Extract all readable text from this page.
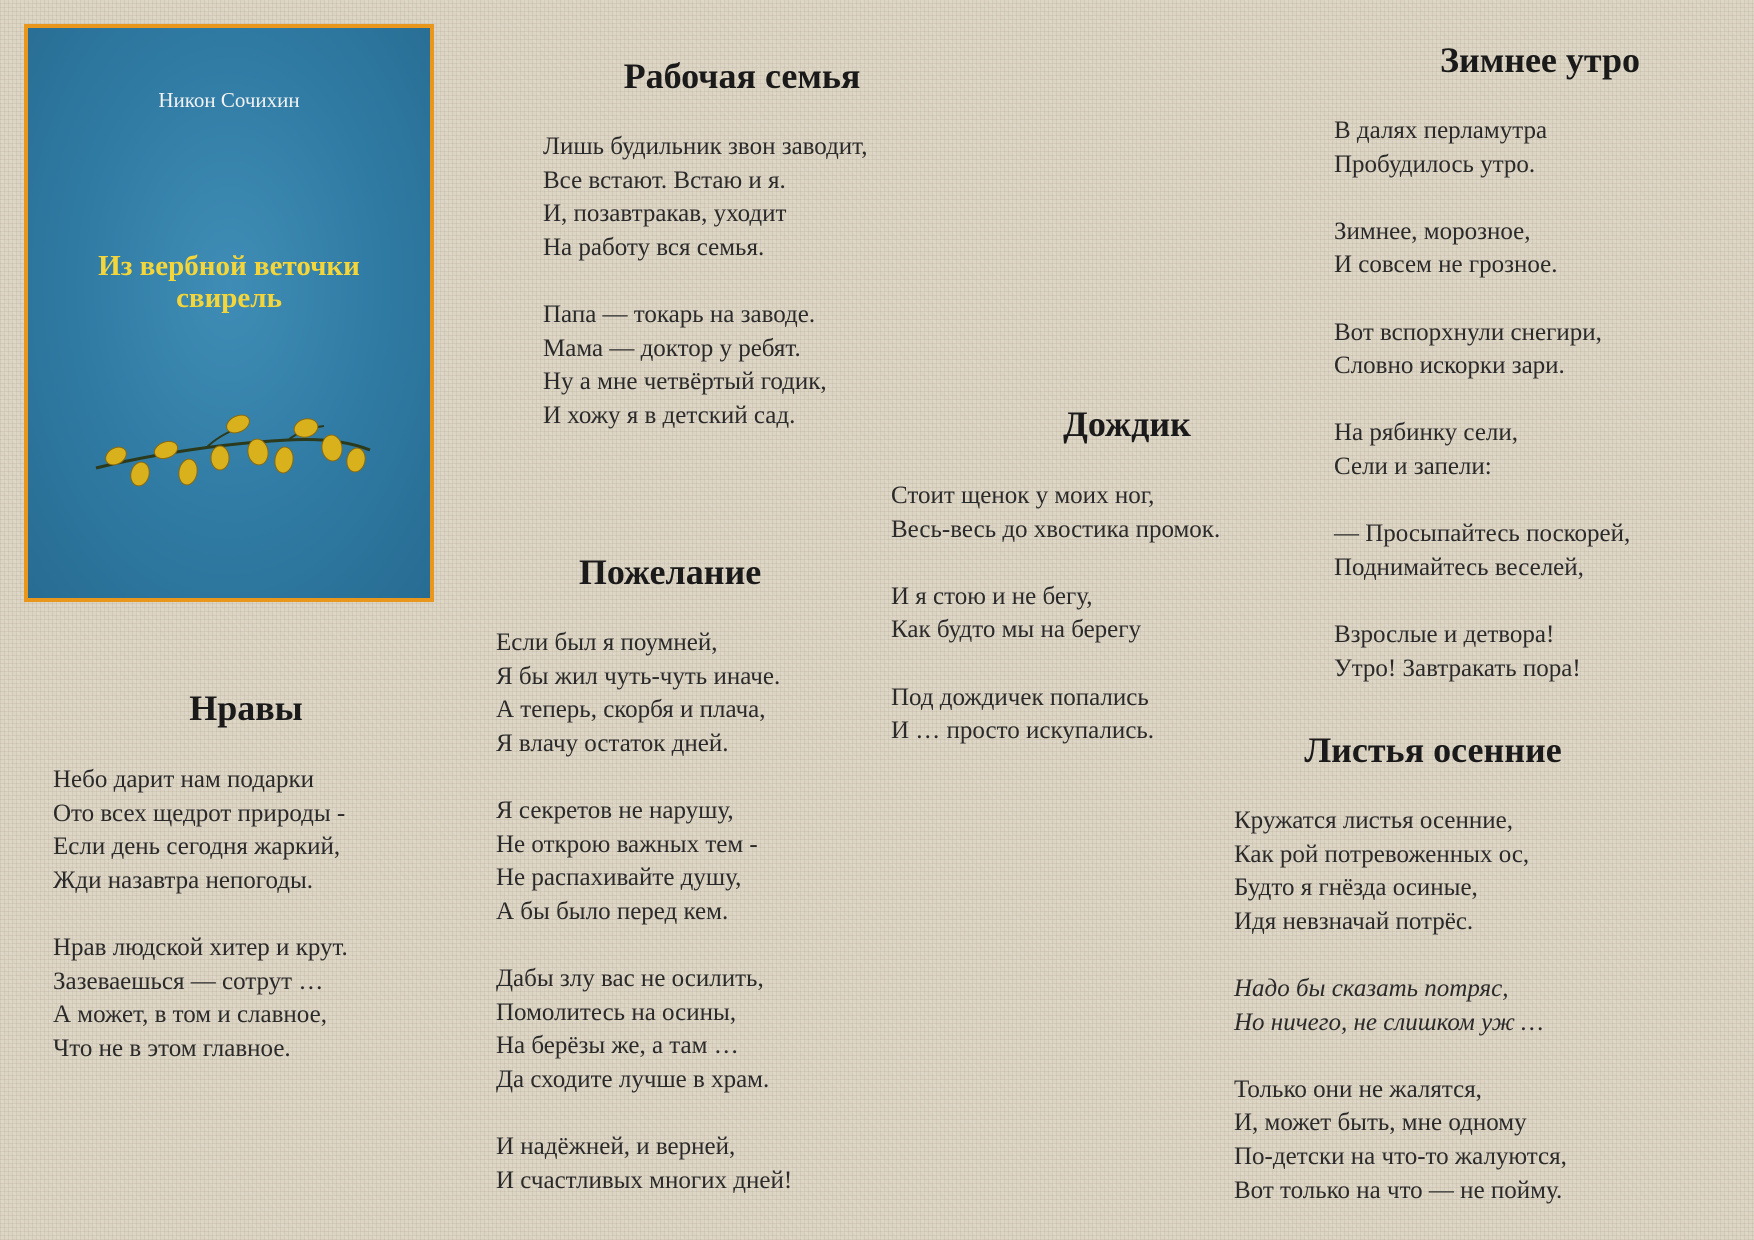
Никон Сочихин
Из вербной веточки
свирель
Рабочая семья
Лишь будильник звон заводит,
Все встают. Встаю и я.
И, позавтракав, уходит
На работу вся семья.
Папа — токарь на заводе.
Мама — доктор у ребят.
Ну а мне четвёртый годик,
И хожу я в детский сад.
Зимнее утро
В далях перламутра
Пробудилось утро.
Зимнее, морозное,
И совсем не грозное.
Вот вспорхнули снегири,
Словно искорки зари.
На рябинку сели,
Сели и запели:
— Просыпайтесь поскорей,
Поднимайтесь веселей,
Взрослые и детвора!
Утро! Завтракать пора!
Дождик
Стоит щенок у моих ног,
Весь-весь до хвостика промок.
И я стою и не бегу,
Как будто мы на берегу
Под дождичек попались
И … просто искупались.
Пожелание
Если был я поумней,
Я бы жил чуть-чуть иначе.
А теперь, скорбя и плача,
Я влачу остаток дней.
Я секретов не нарушу,
Не открою важных тем -
Не распахивайте душу,
А бы было перед кем.
Дабы злу вас не осилить,
Помолитесь на осины,
На берёзы же, а там …
Да сходите лучше в храм.
И надёжней, и верней,
И счастливых многих дней!
Нравы
Небо дарит нам подарки
Ото всех щедрот природы -
Если день сегодня жаркий,
Жди назавтра непогоды.
Нрав людской хитер и крут.
Зазеваешься — сотрут …
А может, в том и славное,
Что не в этом главное.
Листья осенние
Кружатся листья осенние,
Как рой потревоженных ос,
Будто я гнёзда осиные,
Идя невзначай потрёс.
Надо бы сказать потряс,
Но ничего, не слишком уж …
Только они не жалятся,
И, может быть, мне одному
По-детски на что-то жалуются,
Вот только на что — не пойму.
